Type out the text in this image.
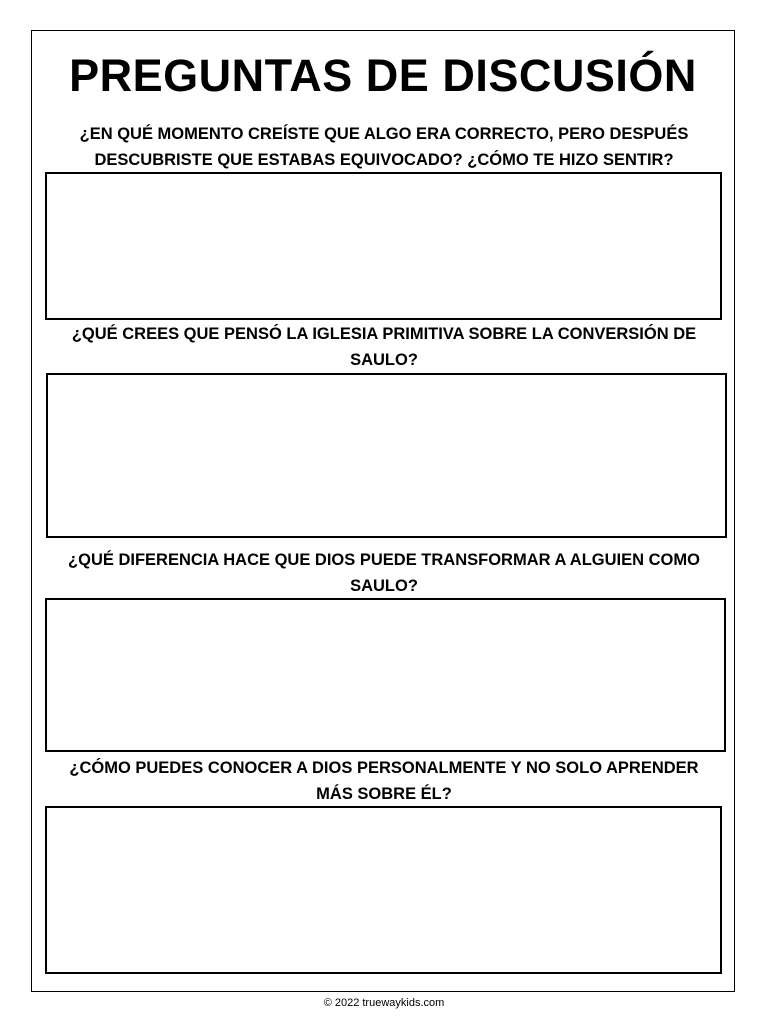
PREGUNTAS DE DISCUSIÓN

¿EN QUÉ MOMENTO CREÍSTE QUE ALGO ERA CORRECTO, PERO DESPUÉS
DESCUBRISTE QUE ESTABAS EQUIVOCADO? ¿CÓMO TE HIZO SENTIR?

¿QUÉ CREES QUE PENSÓ LA IGLESIA PRIMITIVA SOBRE LA CONVERSIÓN DE
SAULO?

¿QUÉ DIFERENCIA HACE QUE DIOS PUEDE TRANSFORMAR A ALGUIEN COMO
SAULO?

¿CÓMO PUEDES CONOCER A DIOS PERSONALMENTE Y NO SOLO APRENDER
MÁS SOBRE ÉL?

© 2022 truewaykids.com
